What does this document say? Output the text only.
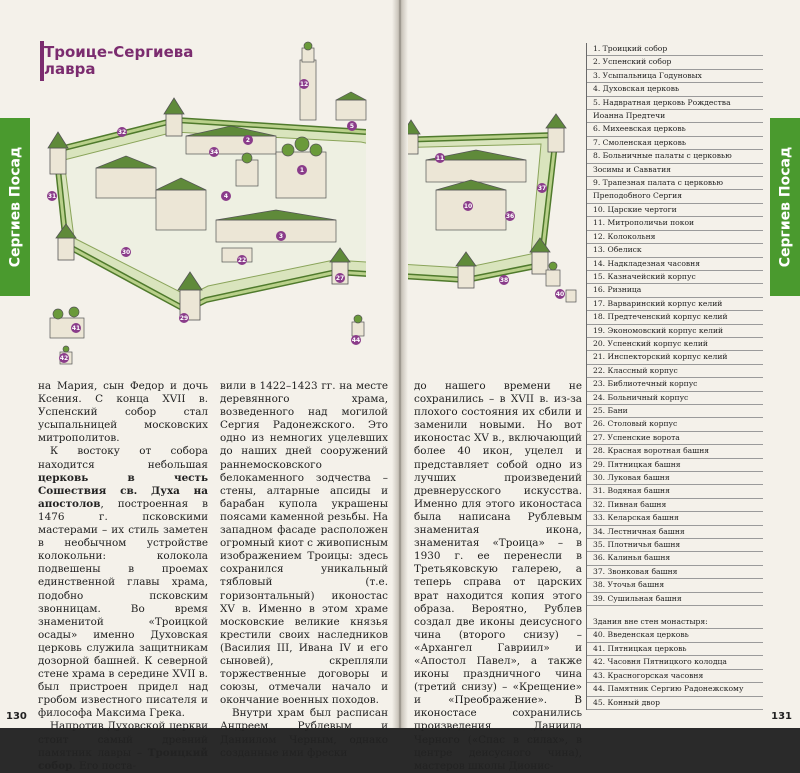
Сергиев Посад
Троице-Сергиева лавра
12
32
34
31
30
29
27
22
3
1
4
2
5
11
10
36
37
38
41
42
44
40

на Мария, сын Федор и дочь Ксения. С конца XVII в. Успенский собор стал усыпальницей московских митрополитов.

К востоку от собора находится небольшая церковь в честь Сошествия св. Духа на апостолов, построенная в 1476 г. псковскими мастерами – их стиль заметен в необычном устройстве колокольни: колокола подвешены в проемах единственной главы храма, подобно псковским звонницам. Во время знаменитой «Троицкой осады» именно Духовская церковь служила защитникам дозорной башней. К северной стене храма в середине XVII в. был пристроен придел над гробом известного писателя и философа Максима Грека.

Напротив Духовской церкви стоит самый древний памятник лавры – Троицкий собор. Его поста-

вили в 1422–1423 гг. на месте деревянного храма, возведенного над могилой Сергия Радонежского. Это одно из немногих уцелевших до наших дней сооружений раннемосковского белокаменного зодчества – стены, алтарные апсиды и барабан купола украшены поясами каменной резьбы. На западном фасаде расположен огромный киот с живописным изображением Троицы: здесь сохранился уникальный тябловый (т.е. горизонтальный) иконостас XV в. Именно в этом храме московские великие князья крестили своих наследников (Василия III, Ивана IV и его сыновей), скрепляли торжественные договоры и союзы, отмечали начало и окончание военных походов.

Внутри храм был расписан Андреем Рублевым и Даниилом Черным, однако созданные ими фрески

130

до нашего времени не сохранились – в XVII в. из-за плохого состояния их сбили и заменили новыми. Но вот иконостас XV в., включающий более 40 икон, уцелел и представляет собой одно из лучших произведений древнерусского искусства. Именно для этого иконостаса была написана Рублевым знаменитая икона, знаменитая «Троица» – в 1930 г. ее перенесли в Третьяковскую галерею, а теперь справа от царских врат находится копия этого образа. Вероятно, Рублев создал две иконы деисусного чина (второго снизу) – «Архангел Гавриил» и «Апостол Павел», а также иконы праздничного чина (третий снизу) – «Крещение» и «Преображение». В иконостасе сохранились произведения Даниила Черного («Спас в силах», в центре деисусного чина), мастеров школы Дионис-

1. Троицкий собор
2. Успенский собор
3. Усыпальница Годуновых
4. Духовская церковь
5. Надвратная церковь Рождества
Иоанна Предтечи
6. Михеевская церковь
7. Смоленская церковь
8. Больничные палаты с церковью
Зосимы и Савватия
9. Трапезная палата с церковью
Преподобного Сергия
10. Царские чертоги
11. Митрополичьи покои
12. Колокольня
13. Обелиск
14. Надкладезная часовня
15. Казначейский корпус
16. Ризница
17. Варваринский корпус келий
18. Предтеченский корпус келий
19. Экономовский корпус келий
20. Успенский корпус келий
21. Инспекторский корпус келий
22. Классный корпус
23. Библиотечный корпус
24. Больничный корпус
25. Бани
26. Столовый корпус
27. Успенские ворота
28. Красная воротная башня
29. Пятницкая башня
30. Луковая башня
31. Водяная башня
32. Пивная башня
33. Келарская башня
34. Лестничная башня
35. Плотничья башня
36. Калинья башня
37. Звонковая башня
38. Уточья башня
39. Сушильная башня
Здания вне стен монастыря:
40. Введенская церковь
41. Пятницкая церковь
42. Часовня Пятницкого колодца
43. Красногорская часовня
44. Памятник Сергию Радонежскому
45. Конный двор
Сергиев Посад
131
